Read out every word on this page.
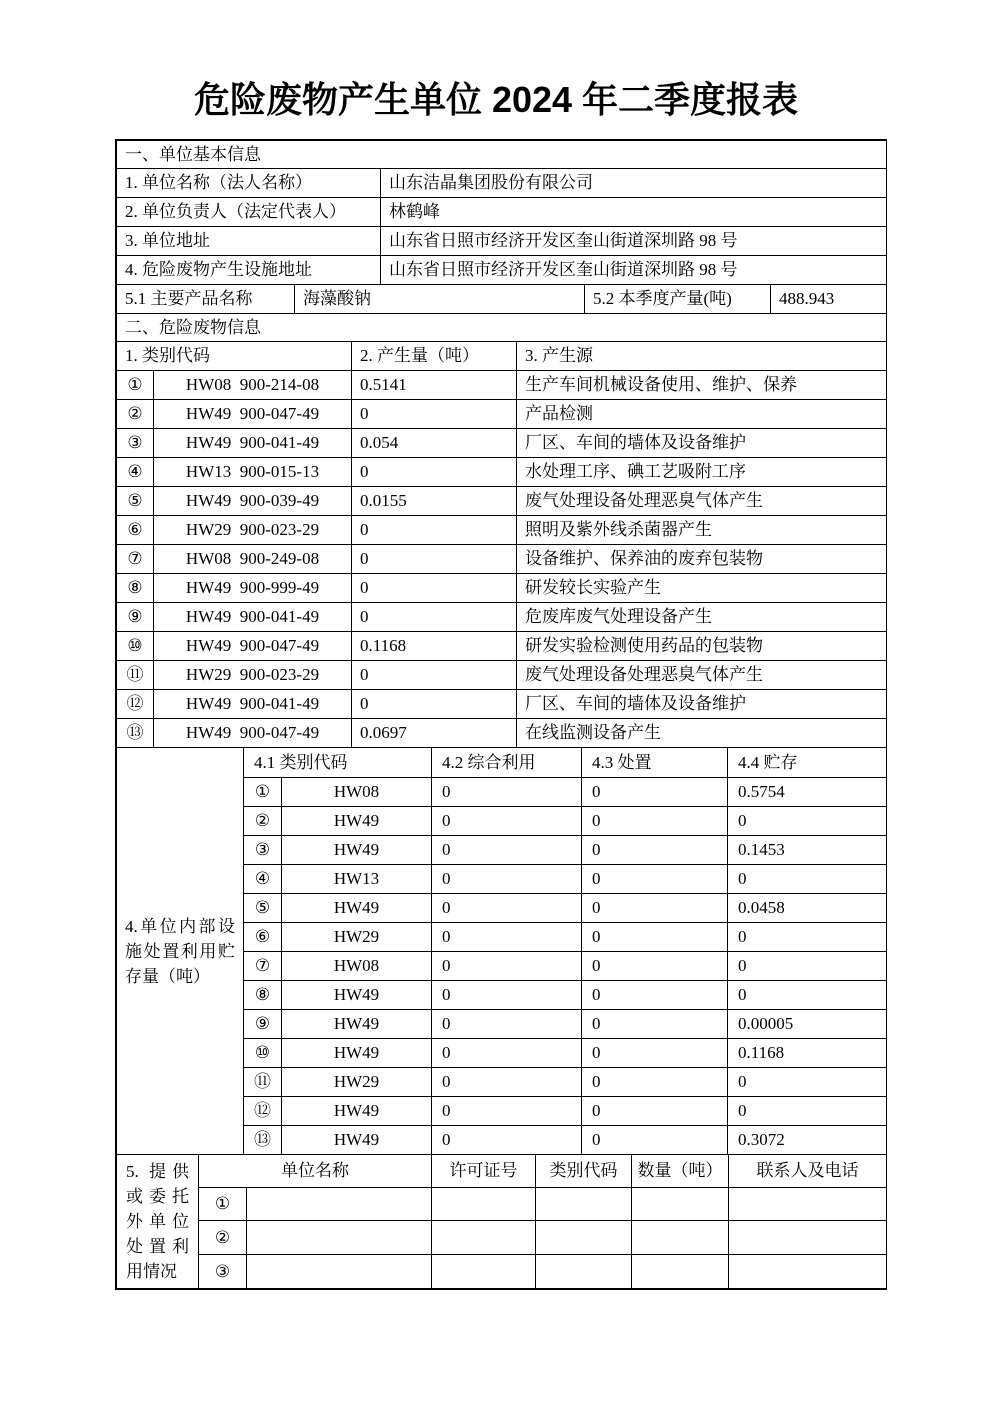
危险废物产生单位 2024 年二季度报表
一、单位基本信息	
1. 单位名称（法人名称）	山东洁晶集团股份有限公司
2. 单位负责人（法定代表人）	林鹤峰
3. 单位地址	山东省日照市经济开发区奎山街道深圳路 98 号
4. 危险废物产生设施地址	山东省日照市经济开发区奎山街道深圳路 98 号
5.1 主要产品名称	海藻酸钠	5.2 本季度产量(吨)	488.943
二、危险废物信息			
1. 类别代码		2. 产生量（吨）	3. 产生源
①	HW08  900-214-08	0.5141	生产车间机械设备使用、维护、保养
②	HW49  900-047-49	0	产品检测
③	HW49  900-041-49	0.054	厂区、车间的墙体及设备维护
④	HW13  900-015-13	0	水处理工序、碘工艺吸附工序
⑤	HW49  900-039-49	0.0155	废气处理设备处理恶臭气体产生
⑥	HW29  900-023-29	0	照明及紫外线杀菌器产生
⑦	HW08  900-249-08	0	设备维护、保养油的废弃包装物
⑧	HW49  900-999-49	0	研发较长实验产生
⑨	HW49  900-041-49	0	危废库废气处理设备产生
⑩	HW49  900-047-49	0.1168	研发实验检测使用药品的包装物
⑪	HW29  900-023-29	0	废气处理设备处理恶臭气体产生
⑫	HW49  900-041-49	0	厂区、车间的墙体及设备维护
⑬	HW49  900-047-49	0.0697	在线监测设备产生
4.单位内部设施处置利用贮存量（吨）	4.1 类别代码		4.2 综合利用	4.3 处置	4.4 贮存
	①	HW08	0	0	0.5754
	②	HW49	0	0	0
	③	HW49	0	0	0.1453
	④	HW13	0	0	0
	⑤	HW49	0	0	0.0458
	⑥	HW29	0	0	0
	⑦	HW08	0	0	0
	⑧	HW49	0	0	0
	⑨	HW49	0	0	0.00005
	⑩	HW49	0	0	0.1168
	⑪	HW29	0	0	0
	⑫	HW49	0	0	0
	⑬	HW49	0	0	0.3072
5. 提供或委托外单位处置利用情况	单位名称		许可证号	类别代码	数量（吨）	联系人及电话
	①					
	②					
	③					
